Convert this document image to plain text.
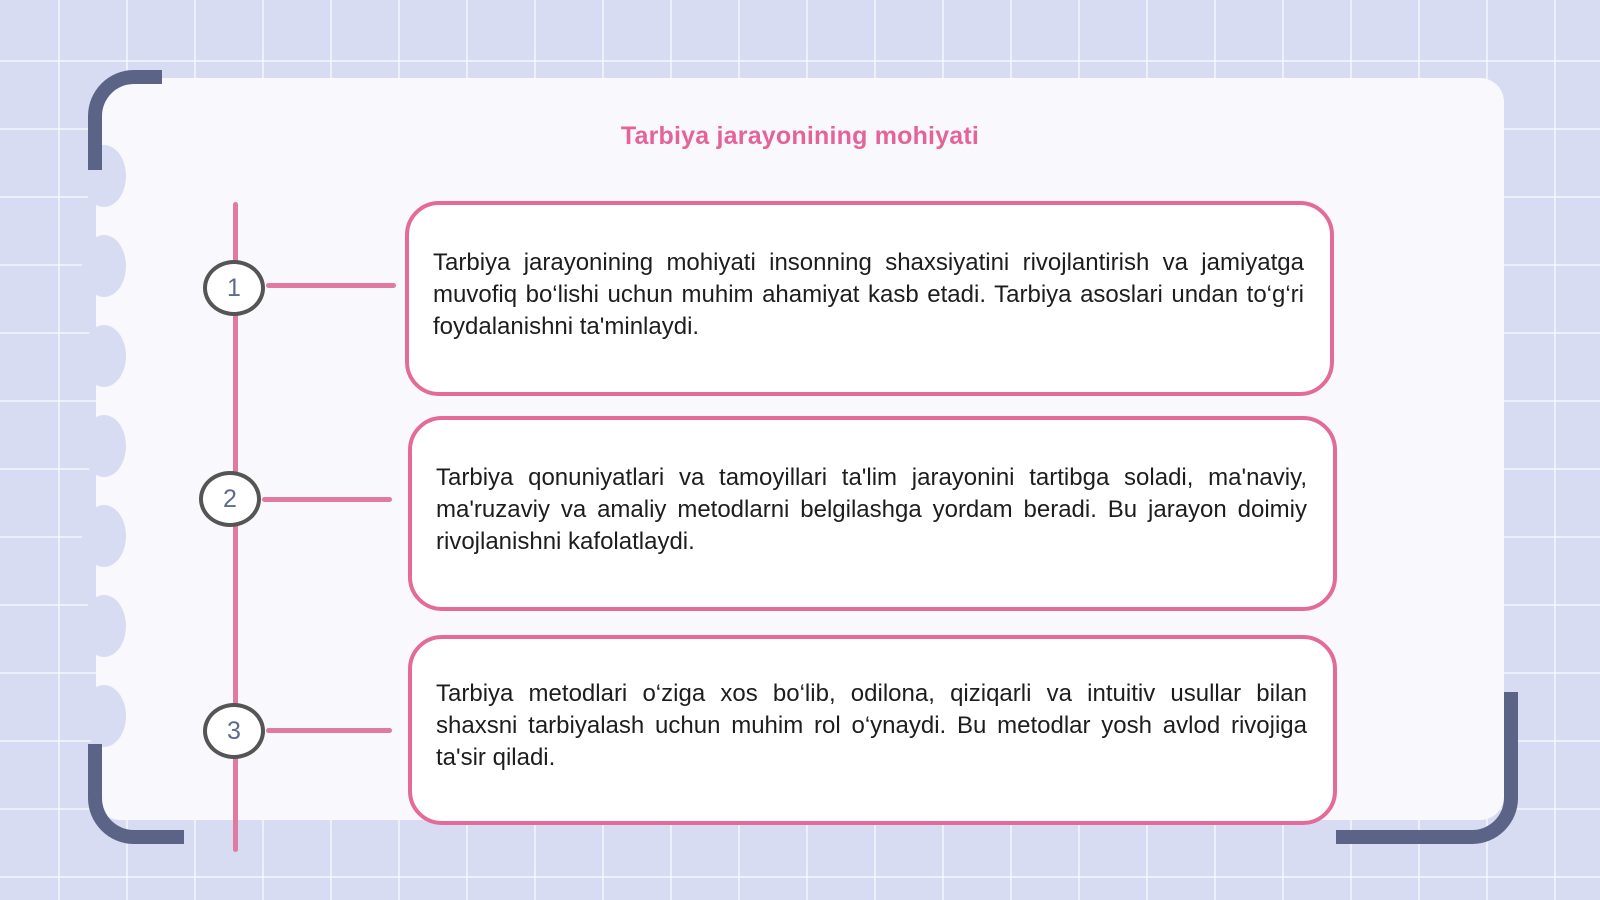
Tarbiya jarayonining mohiyati
1
2
3

Tarbiya jarayonining mohiyati insonning shaxsiyatini rivojlantirish va jamiyatga muvofiq bo‘lishi uchun muhim ahamiyat kasb etadi. Tarbiya asoslari undan to‘g‘ri foydalanishni ta'minlaydi.

Tarbiya qonuniyatlari va tamoyillari ta'lim jarayonini tartibga soladi, ma'naviy, ma'ruzaviy va amaliy metodlarni belgilashga yordam beradi. Bu jarayon doimiy rivojlanishni kafolatlaydi.

Tarbiya metodlari o‘ziga xos bo‘lib, odilona, qiziqarli va intuitiv usullar bilan shaxsni tarbiyalash uchun muhim rol o‘ynaydi. Bu metodlar yosh avlod rivojiga ta'sir qiladi.
